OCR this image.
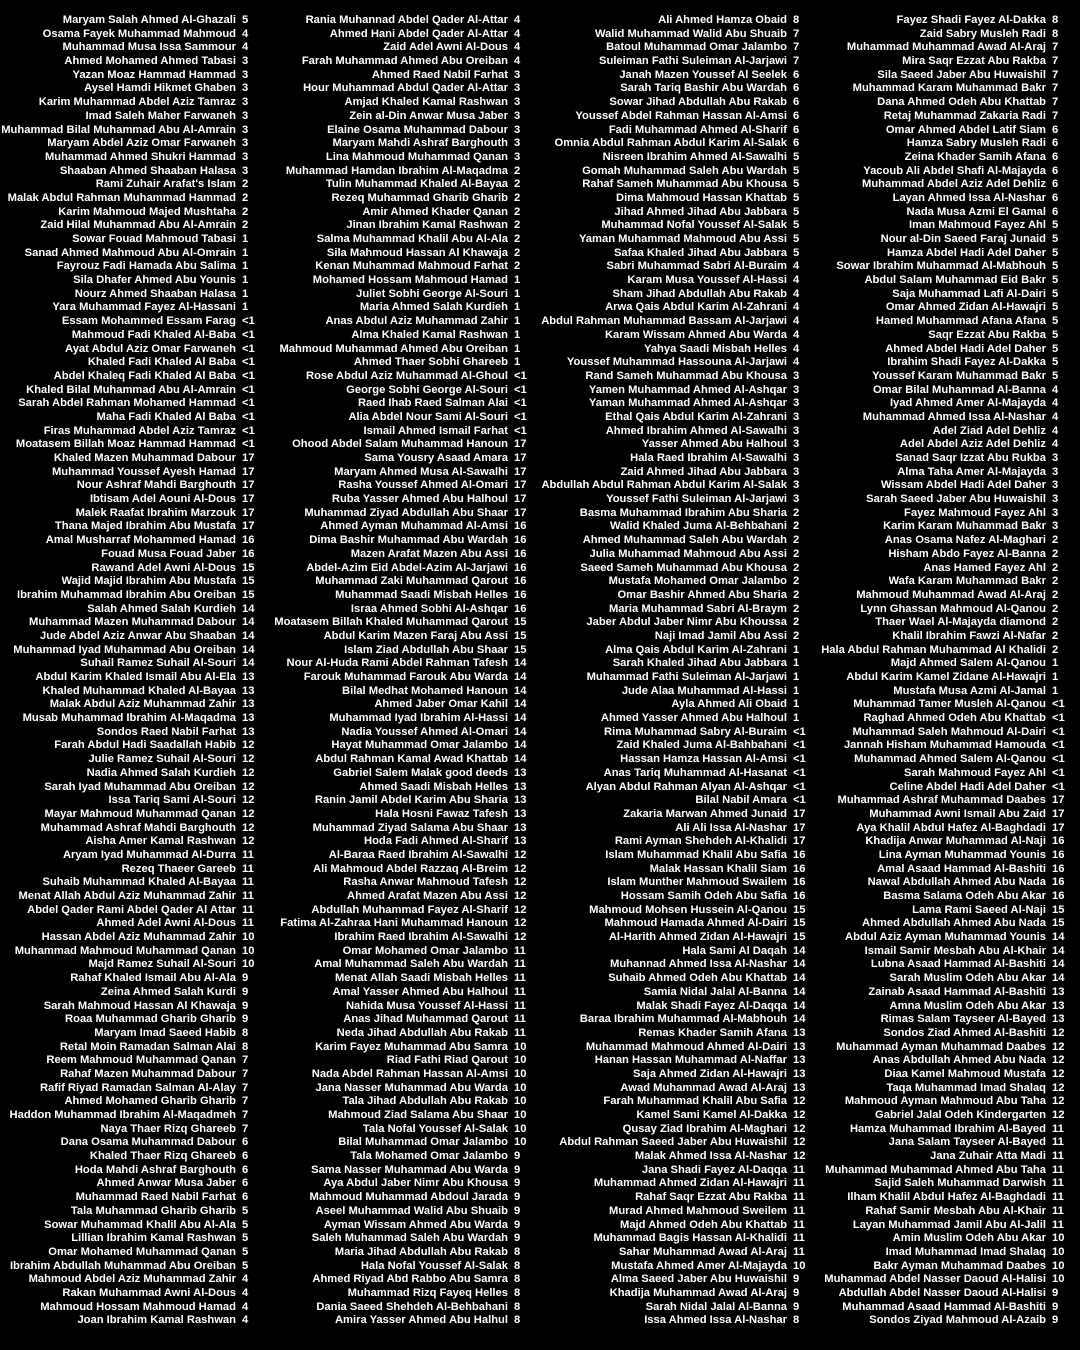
Maryam Salah Ahmed Al-Ghazali 5
Osama Fayek Muhammad Mahmoud 4
Muhammad Musa Issa Sammour 4
Ahmed Mohamed Ahmed Tabasi 3
Yazan Moaz Hammad Hammad 3
Aysel Hamdi Hikmet Ghaben 3
Karim Muhammad Abdel Aziz Tamraz 3
Imad Saleh Maher Farwaneh 3
Muhammad Bilal Muhammad Abu Al-Amrain 3
Maryam Abdel Aziz Omar Farwaneh 3
Muhammad Ahmed Shukri Hammad 3
Shaaban Ahmed Shaaban Halasa 3
Rami Zuhair Arafat's Islam 2
Malak Abdul Rahman Muhammad Hammad 2
Karim Mahmoud Majed Mushtaha 2
Zaid Hilal Muhammad Abu Al-Amrain 2
Sowar Fouad Mahmoud Tabasi 1
Sanad Ahmed Mahmoud Abu Al-Omrain 1
Fayrouz Fadi Hamada Abu Salima 1
Sila Dhafer Ahmed Abu Younis 1
Nourz Ahmed Shaaban Halasa 1
Yara Muhammad Fayez Al-Hassani 1
Essam Mohammed Essam Farag <1
Mahmoud Fadi Khaled Al-Baba <1
Ayat Abdul Aziz Omar Farwaneh <1
Khaled Fadi Khaled Al Baba <1
Abdel Khaleq Fadi Khaled Al Baba <1
Khaled Bilal Muhammad Abu Al-Amrain <1
Sarah Abdel Rahman Mohamed Hammad <1
Maha Fadi Khaled Al Baba <1
Firas Muhammad Abdel Aziz Tamraz <1
Moatasem Billah Moaz Hammad Hammad <1
Khaled Mazen Muhammad Dabour 17
Muhammad Youssef Ayesh Hamad 17
Nour Ashraf Mahdi Barghouth 17
Ibtisam Adel Aouni Al-Dous 17
Malek Raafat Ibrahim Marzouk 17
Thana Majed Ibrahim Abu Mustafa 17
Amal Musharraf Mohammed Hamad 16
Fouad Musa Fouad Jaber 16
Rawand Adel Awni Al-Dous 15
Wajid Majid Ibrahim Abu Mustafa 15
Ibrahim Muhammad Ibrahim Abu Oreiban 15
Salah Ahmed Salah Kurdieh 14
Muhammad Mazen Muhammad Dabour 14
Jude Abdel Aziz Anwar Abu Shaaban 14
Muhammad Iyad Muhammad Abu Oreiban 14
Suhail Ramez Suhail Al-Souri 14
Abdul Karim Khaled Ismail Abu Al-Ela 13
Khaled Muhammad Khaled Al-Bayaa 13
Malak Abdul Aziz Muhammad Zahir 13
Musab Muhammad Ibrahim Al-Maqadma 13
Sondos Raed Nabil Farhat 13
Farah Abdul Hadi Saadallah Habib 12
Julie Ramez Suhail Al-Souri 12
Nadia Ahmed Salah Kurdieh 12
Sarah Iyad Muhammad Abu Oreiban 12
Issa Tariq Sami Al-Souri 12
Mayar Mahmoud Muhammad Qanan 12
Muhammad Ashraf Mahdi Barghouth 12
Aisha Amer Kamal Rashwan 12
Aryam Iyad Muhammad Al-Durra 11
Rezeq Thaeer Gareeb 11
Suhaib Muhammad Khaled Al-Bayaa 11
Menat Allah Abdul Aziz Muhammad Zahir 11
Abdel Qader Rami Abdel Qader Al Attar 11
Ahmed Adel Awni Al-Dous 11
Hassan Abdel Aziz Muhammad Zahir 10
Muhammad Mahmoud Muhammad Qanan 10
Majd Ramez Suhail Al-Souri 10
Rahaf Khaled Ismail Abu Al-Ala 9
Zeina Ahmed Salah Kurdi 9
Sarah Mahmoud Hassan Al Khawaja 9
Roaa Muhammad Gharib Gharib 9
Maryam Imad Saeed Habib 8
Retal Moin Ramadan Salman Alai 8
Reem Mahmoud Muhammad Qanan 7
Rahaf Mazen Muhammad Dabour 7
Rafif Riyad Ramadan Salman Al-Alay 7
Ahmed Mohamed Gharib Gharib 7
Haddon Muhammad Ibrahim Al-Maqadmeh 7
Naya Thaer Rizq Ghareeb 7
Dana Osama Muhammad Dabour 6
Khaled Thaer Rizq Ghareeb 6
Hoda Mahdi Ashraf Barghouth 6
Ahmed Anwar Musa Jaber 6
Muhammad Raed Nabil Farhat 6
Tala Muhammad Gharib Gharib 5
Sowar Muhammad Khalil Abu Al-Ala 5
Lillian Ibrahim Kamal Rashwan 5
Omar Mohamed Muhammad Qanan 5
Ibrahim Abdullah Muhammad Abu Oreiban 5
Mahmoud Abdel Aziz Muhammad Zahir 4
Rakan Muhammad Awni Al-Dous 4
Mahmoud Hossam Mahmoud Hamad 4
Joan Ibrahim Kamal Rashwan 4
Rania Muhannad Abdel Qader Al-Attar 4
Ahmed Hani Abdel Qader Al-Attar 4
Zaid Adel Awni Al-Dous 4
Farah Muhammad Ahmed Abu Oreiban 4
Ahmed Raed Nabil Farhat 3
Hour Muhammad Abdul Qader Al-Attar 3
Amjad Khaled Kamal Rashwan 3
Zein al-Din Anwar Musa Jaber 3
Elaine Osama Muhammad Dabour 3
Maryam Mahdi Ashraf Barghouth 3
Lina Mahmoud Muhammad Qanan 3
Muhammad Hamdan Ibrahim Al-Maqadma 2
Tulin Muhammad Khaled Al-Bayaa 2
Rezeq Muhammad Gharib Gharib 2
Amir Ahmed Khader Qanan 2
Jinan Ibrahim Kamal Rashwan 2
Salma Muhammad Khalil Abu Al-Ala 2
Sila Mahmoud Hassan Al Khawaja 2
Kenan Muhammad Mahmoud Farhat 2
Mohamed Hossam Mahmoud Hamad 1
Juliet Sobhi George Al-Souri 1
Maria Ahmed Salah Kurdieh 1
Anas Abdul Aziz Muhammad Zahir 1
Alma Khaled Kamal Rashwan 1
Mahmoud Muhammad Ahmed Abu Oreiban 1
Ahmed Thaer Sobhi Ghareeb 1
Rose Abdul Aziz Muhammad Al-Ghoul <1
George Sobhi George Al-Souri <1
Raed Ihab Raed Salman Alai <1
Alia Abdel Nour Sami Al-Souri <1
Ismail Ahmed Ismail Farhat <1
Ohood Abdel Salam Muhammad Hanoun 17
Sama Yousry Asaad Amara 17
Maryam Ahmed Musa Al-Sawalhi 17
Rasha Youssef Ahmed Al-Omari 17
Ruba Yasser Ahmed Abu Halhoul 17
Muhammad Ziyad Abdullah Abu Shaar 17
Ahmed Ayman Muhammad Al-Amsi 16
Dima Bashir Muhammad Abu Wardah 16
Mazen Arafat Mazen Abu Assi 16
Abdel-Azim Eid Abdel-Azim Al-Jarjawi 16
Muhammad Zaki Muhammad Qarout 16
Muhammad Saadi Misbah Helles 16
Israa Ahmed Sobhi Al-Ashqar 16
Moatasem Billah Khaled Muhammad Qarout 15
Abdul Karim Mazen Faraj Abu Assi 15
Islam Ziad Abdullah Abu Shaar 15
Nour Al-Huda Rami Abdel Rahman Tafesh 14
Farouk Muhammad Farouk Abu Warda 14
Bilal Medhat Mohamed Hanoun 14
Ahmed Jaber Omar Kahil 14
Muhammad Iyad Ibrahim Al-Hassi 14
Nadia Youssef Ahmed Al-Omari 14
Hayat Muhammad Omar Jalambo 14
Abdul Rahman Kamal Awad Khattab 14
Gabriel Salem Malak good deeds 13
Ahmed Saadi Misbah Helles 13
Ranin Jamil Abdel Karim Abu Sharia 13
Hala Hosni Fawaz Tafesh 13
Muhammad Ziyad Salama Abu Shaar 13
Hoda Fadi Ahmed Al-Sharif 13
Al-Baraa Raed Ibrahim Al-Sawalhi 12
Ali Mahmoud Abdel Razzaq Al-Breim 12
Rasha Anwar Mahmoud Tafesh 12
Ahmed Arafat Mazen Abu Assi 12
Abdullah Muhammad Fayez Al-Sharif 12
Fatima Al-Zahraa Hani Muhammad Hanoun 12
Ibrahim Raed Ibrahim Al-Sawalhi 12
Omar Mohamed Omar Jalambo 11
Amal Muhammad Saleh Abu Wardah 11
Menat Allah Saadi Misbah Helles 11
Amal Yasser Ahmed Abu Halhoul 11
Nahida Musa Youssef Al-Hassi 11
Anas Jihad Muhammad Qarout 11
Neda Jihad Abdullah Abu Rakab 11
Karim Fayez Muhammad Abu Samra 10
Riad Fathi Riad Qarout 10
Nada Abdel Rahman Hassan Al-Amsi 10
Jana Nasser Muhammad Abu Warda 10
Tala Jihad Abdullah Abu Rakab 10
Mahmoud Ziad Salama Abu Shaar 10
Tala Nofal Youssef Al-Salak 10
Bilal Muhammad Omar Jalambo 10
Tala Mohamed Omar Jalambo 9
Sama Nasser Muhammad Abu Warda 9
Aya Abdul Jaber Nimr Abu Khousa 9
Mahmoud Muhammad Abdoul Jarada 9
Aseel Muhammad Walid Abu Shuaib 9
Ayman Wissam Ahmed Abu Warda 9
Saleh Muhammad Saleh Abu Wardah 9
Maria Jihad Abdullah Abu Rakab 8
Hala Nofal Youssef Al-Salak 8
Ahmed Riyad Abd Rabbo Abu Samra 8
Muhammad Rizq Fayeq Helles 8
Dania Saeed Shehdeh Al-Behbahani 8
Amira Yasser Ahmed Abu Halhul 8
Ali Ahmed Hamza Obaid 8
Walid Muhammad Walid Abu Shuaib 7
Batoul Muhammad Omar Jalambo 7
Suleiman Fathi Suleiman Al-Jarjawi 7
Janah Mazen Youssef Al Seelek 6
Sarah Tariq Bashir Abu Wardah 6
Sowar Jihad Abdullah Abu Rakab 6
Youssef Abdel Rahman Hassan Al-Amsi 6
Fadi Muhammad Ahmed Al-Sharif 6
Omnia Abdul Rahman Abdul Karim Al-Salak 6
Nisreen Ibrahim Ahmed Al-Sawalhi 5
Gomah Muhammad Saleh Abu Wardah 5
Rahaf Sameh Muhammad Abu Khousa 5
Dima Mahmoud Hassan Khattab 5
Jihad Ahmed Jihad Abu Jabbara 5
Muhammad Nofal Youssef Al-Salak 5
Yaman Muhammad Mahmoud Abu Assi 5
Safaa Khaled Jihad Abu Jabbara 5
Sabri Muhammad Sabri Al-Buraim 4
Karam Musa Youssef Al-Hassi 4
Sham Jihad Abdullah Abu Rakab 4
Arwa Qais Abdul Karim Al-Zahrani 4
Abdul Rahman Muhammad Bassam Al-Jarjawi 4
Karam Wissam Ahmed Abu Warda 4
Yahya Saadi Misbah Helles 4
Youssef Muhammad Hassouna Al-Jarjawi 4
Rand Sameh Muhammad Abu Khousa 3
Yamen Muhammad Ahmed Al-Ashqar 3
Yaman Muhammad Ahmed Al-Ashqar 3
Ethal Qais Abdul Karim Al-Zahrani 3
Ahmed Ibrahim Ahmed Al-Sawalhi 3
Yasser Ahmed Abu Halhoul 3
Hala Raed Ibrahim Al-Sawalhi 3
Zaid Ahmed Jihad Abu Jabbara 3
Abdullah Abdul Rahman Abdul Karim Al-Salak 3
Youssef Fathi Suleiman Al-Jarjawi 3
Basma Muhammad Ibrahim Abu Sharia 2
Walid Khaled Juma Al-Behbahani 2
Ahmed Muhammad Saleh Abu Wardah 2
Julia Muhammad Mahmoud Abu Assi 2
Saeed Sameh Muhammad Abu Khousa 2
Mustafa Mohamed Omar Jalambo 2
Omar Bashir Ahmed Abu Sharia 2
Maria Muhammad Sabri Al-Braym 2
Jaber Abdul Jaber Nimr Abu Khoussa 2
Naji Imad Jamil Abu Assi 2
Alma Qais Abdul Karim Al-Zahrani 1
Sarah Khaled Jihad Abu Jabbara 1
Muhammad Fathi Suleiman Al-Jarjawi 1
Jude Alaa Muhammad Al-Hassi 1
Ayla Ahmed Ali Obaid 1
Ahmed Yasser Ahmed Abu Halhoul 1
Rima Muhammad Sabry Al-Buraim <1
Zaid Khaled Juma Al-Bahbahani <1
Hassan Hamza Hassan Al-Amsi <1
Anas Tariq Muhammad Al-Hasanat <1
Alyan Abdul Rahman Alyan Al-Ashqar <1
Bilal Nabil Amara <1
Zakaria Marwan Ahmed Junaid 17
Ali Ali Issa Al-Nashar 17
Rami Ayman Shehdeh Al-Khalidi 17
Islam Muhammad Khalil Abu Safia 16
Malak Hassan Khalil Siam 16
Islam Munther Mahmoud Swailem 16
Hossam Samih Odeh Abu Safia 16
Mahmoud Mohsen Hussein Al-Qanou 15
Mahmoud Hamada Ahmed Al-Dairi 15
Al-Harith Ahmed Zidan Al-Hawajri 15
Hala Sami Al Daqah 14
Muhannad Ahmed Issa Al-Nashar 14
Suhaib Ahmed Odeh Abu Khattab 14
Samia Nidal Jalal Al-Banna 14
Malak Shadi Fayez Al-Daqqa 14
Baraa Ibrahim Muhammad Al-Mabhouh 14
Remas Khader Samih Afana 13
Muhammad Mahmoud Ahmed Al-Dairi 13
Hanan Hassan Muhammad Al-Naffar 13
Saja Ahmed Zidan Al-Hawajri 13
Awad Muhammad Awad Al-Araj 13
Farah Muhammad Khalil Abu Safia 12
Kamel Sami Kamel Al-Dakka 12
Qusay Ziad Ibrahim Al-Maghari 12
Abdul Rahman Saeed Jaber Abu Huwaishil 12
Malak Ahmed Issa Al-Nashar 12
Jana Shadi Fayez Al-Daqqa 11
Muhammad Ahmed Zidan Al-Hawajri 11
Rahaf Saqr Ezzat Abu Rakba 11
Murad Ahmed Mahmoud Sweilem 11
Majd Ahmed Odeh Abu Khattab 11
Muhammad Bagis Hassan Al-Khalidi 11
Sahar Muhammad Awad Al-Araj 11
Mustafa Ahmed Amer Al-Majayda 10
Alma Saeed Jaber Abu Huwaishil 9
Khadija Muhammad Awad Al-Araj 9
Sarah Nidal Jalal Al-Banna 9
Issa Ahmed Issa Al-Nashar 8
Fayez Shadi Fayez Al-Dakka 8
Zaid Sabry Musleh Radi 8
Muhammad Muhammad Awad Al-Araj 7
Mira Saqr Ezzat Abu Rakba 7
Sila Saeed Jaber Abu Huwaishil 7
Muhammad Karam Muhammad Bakr 7
Dana Ahmed Odeh Abu Khattab 7
Retaj Muhammad Zakaria Radi 7
Omar Ahmed Abdel Latif Siam 6
Hamza Sabry Musleh Radi 6
Zeina Khader Samih Afana 6
Yacoub Ali Abdel Shafi Al-Majayda 6
Muhammad Abdel Aziz Adel Dehliz 6
Layan Ahmed Issa Al-Nashar 6
Nada Musa Azmi El Gamal 6
Iman Mahmoud Fayez Ahl 5
Nour al-Din Saeed Faraj Junaid 5
Hamza Abdel Hadi Adel Daher 5
Sowar Ibrahim Muhammad Al-Mabhouh 5
Abdul Salam Muhammad Eid Bakr 5
Saja Muhammad Lafi Al-Dairi 5
Omar Ahmed Zidan Al-Hawajri 5
Hamed Muhammad Afana Afana 5
Saqr Ezzat Abu Rakba 5
Ahmed Abdel Hadi Adel Daher 5
Ibrahim Shadi Fayez Al-Dakka 5
Youssef Karam Muhammad Bakr 5
Omar Bilal Muhammad Al-Banna 4
Iyad Ahmed Amer Al-Majayda 4
Muhammad Ahmed Issa Al-Nashar 4
Adel Ziad Adel Dehliz 4
Adel Abdel Aziz Adel Dehliz 4
Sanad Saqr Izzat Abu Rukba 3
Alma Taha Amer Al-Majayda 3
Wissam Abdel Hadi Adel Daher 3
Sarah Saeed Jaber Abu Huwaishil 3
Fayez Mahmoud Fayez Ahl 3
Karim Karam Muhammad Bakr 3
Anas Osama Nafez Al-Maghari 2
Hisham Abdo Fayez Al-Banna 2
Anas Hamed Fayez Ahl 2
Wafa Karam Muhammad Bakr 2
Mahmoud Muhammad Awad Al-Araj 2
Lynn Ghassan Mahmoud Al-Qanou 2
Thaer Wael Al-Majayda diamond 2
Khalil Ibrahim Fawzi Al-Nafar 2
Hala Abdul Rahman Muhammad Al Khalidi 2
Majd Ahmed Salem Al-Qanou 1
Abdul Karim Kamel Zidane Al-Hawajri 1
Mustafa Musa Azmi Al-Jamal 1
Muhammad Tamer Musleh Al-Qanou <1
Raghad Ahmed Odeh Abu Khattab <1
Muhammad Saleh Mahmoud Al-Dairi <1
Jannah Hisham Muhammad Hamouda <1
Muhammad Ahmed Salem Al-Qanou <1
Sarah Mahmoud Fayez Ahl <1
Celine Abdel Hadi Adel Daher <1
Muhammad Ashraf Muhammad Daabes 17
Muhammad Awni Ismail Abu Zaid 17
Aya Khalil Abdul Hafez Al-Baghdadi 17
Khadija Anwar Muhammad Al-Naji 16
Lina Ayman Muhammad Younis 16
Amal Asaad Hammad Al-Bashiti 16
Nawal Abdullah Ahmed Abu Nada 16
Basma Salama Odeh Abu Akar 16
Lama Rami Saeed Al-Naji 15
Ahmed Abdullah Ahmed Abu Nada 15
Abdul Aziz Ayman Muhammad Younis 14
Ismail Samir Mesbah Abu Al-Khair 14
Lubna Asaad Hammad Al-Bashiti 14
Sarah Muslim Odeh Abu Akar 14
Zainab Asaad Hammad Al-Bashiti 13
Amna Muslim Odeh Abu Akar 13
Rimas Salam Tayseer Al-Bayed 13
Sondos Ziad Ahmed Al-Bashiti 12
Muhammad Ayman Muhammad Daabes 12
Anas Abdullah Ahmed Abu Nada 12
Diaa Kamel Mahmoud Mustafa 12
Taqa Muhammad Imad Shalaq 12
Mahmoud Ayman Mahmoud Abu Taha 12
Gabriel Jalal Odeh Kindergarten 12
Hamza Muhammad Ibrahim Al-Bayed 11
Jana Salam Tayseer Al-Bayed 11
Jana Zuhair Atta Madi 11
Muhammad Muhammad Ahmed Abu Taha 11
Sajid Saleh Muhammad Darwish 11
Ilham Khalil Abdul Hafez Al-Baghdadi 11
Rahaf Samir Mesbah Abu Al-Khair 11
Layan Muhammad Jamil Abu Al-Jalil 11
Amin Muslim Odeh Abu Akar 10
Imad Muhammad Imad Shalaq 10
Bakr Ayman Muhammad Daabes 10
Muhammad Abdel Nasser Daoud Al-Halisi 10
Abdullah Abdel Nasser Daoud Al-Halisi 9
Muhammad Asaad Hammad Al-Bashiti 9
Sondos Ziyad Mahmoud Al-Azaib 9
